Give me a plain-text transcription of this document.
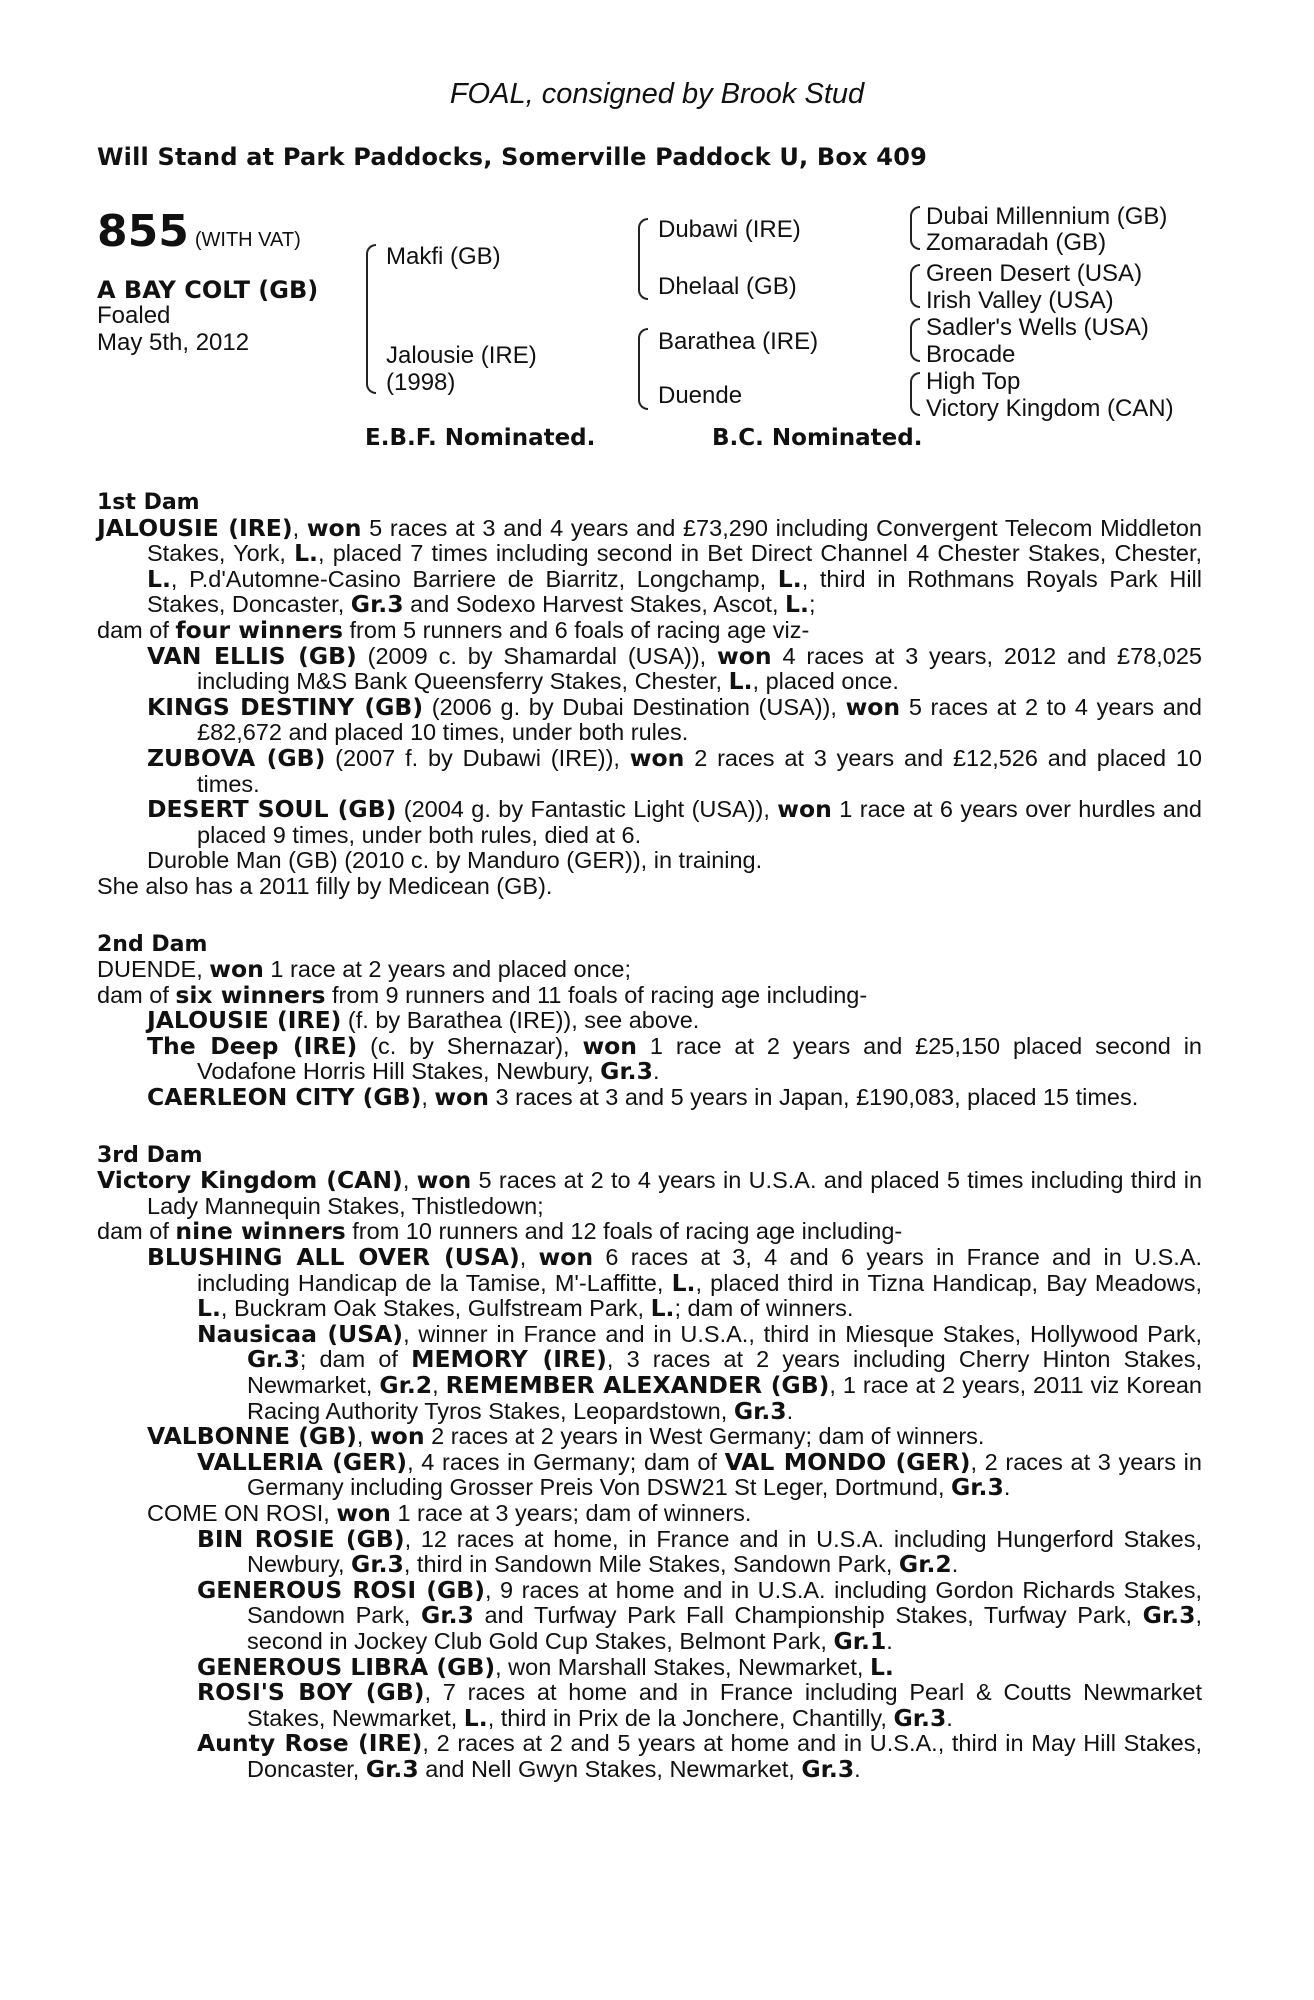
FOAL, consigned by Brook Stud
Will Stand at Park Paddocks, Somerville Paddock U, Box 409
855 (WITH VAT)
A BAY COLT (GB)
Foaled
May 5th, 2012
Makfi (GB)
Jalousie (IRE)
(1998)
Dubawi (IRE)
Dhelaal (GB)
Barathea (IRE)
Duende
Dubai Millennium (GB)
Zomaradah (GB)
Green Desert (USA)
Irish Valley (USA)
Sadler's Wells (USA)
Brocade
High Top
Victory Kingdom (CAN)
E.B.F. Nominated.	B.C. Nominated.
1st Dam
JALOUSIE (IRE), won 5 races at 3 and 4 years and £73,290 including Convergent Telecom Middleton Stakes, York, L., placed 7 times including second in Bet Direct Channel 4 Chester Stakes, Chester, L., P.d'Automne-Casino Barriere de Biarritz, Longchamp, L., third in Rothmans Royals Park Hill Stakes, Doncaster, Gr.3 and Sodexo Harvest Stakes, Ascot, L.;
dam of four winners from 5 runners and 6 foals of racing age viz-
VAN ELLIS (GB) (2009 c. by Shamardal (USA)), won 4 races at 3 years, 2012 and £78,025 including M&S Bank Queensferry Stakes, Chester, L., placed once.
KINGS DESTINY (GB) (2006 g. by Dubai Destination (USA)), won 5 races at 2 to 4 years and £82,672 and placed 10 times, under both rules.
ZUBOVA (GB) (2007 f. by Dubawi (IRE)), won 2 races at 3 years and £12,526 and placed 10 times.
DESERT SOUL (GB) (2004 g. by Fantastic Light (USA)), won 1 race at 6 years over hurdles and placed 9 times, under both rules, died at 6.
Duroble Man (GB) (2010 c. by Manduro (GER)), in training.
She also has a 2011 filly by Medicean (GB).
2nd Dam
DUENDE, won 1 race at 2 years and placed once;
dam of six winners from 9 runners and 11 foals of racing age including-
JALOUSIE (IRE) (f. by Barathea (IRE)), see above.
The Deep (IRE) (c. by Shernazar), won 1 race at 2 years and £25,150 placed second in Vodafone Horris Hill Stakes, Newbury, Gr.3.
CAERLEON CITY (GB), won 3 races at 3 and 5 years in Japan, £190,083, placed 15 times.
3rd Dam
Victory Kingdom (CAN), won 5 races at 2 to 4 years in U.S.A. and placed 5 times including third in Lady Mannequin Stakes, Thistledown;
dam of nine winners from 10 runners and 12 foals of racing age including-
BLUSHING ALL OVER (USA), won 6 races at 3, 4 and 6 years in France and in U.S.A. including Handicap de la Tamise, M'-Laffitte, L., placed third in Tizna Handicap, Bay Meadows, L., Buckram Oak Stakes, Gulfstream Park, L.; dam of winners.
Nausicaa (USA), winner in France and in U.S.A., third in Miesque Stakes, Hollywood Park, Gr.3; dam of MEMORY (IRE), 3 races at 2 years including Cherry Hinton Stakes, Newmarket, Gr.2, REMEMBER ALEXANDER (GB), 1 race at 2 years, 2011 viz Korean Racing Authority Tyros Stakes, Leopardstown, Gr.3.
VALBONNE (GB), won 2 races at 2 years in West Germany; dam of winners.
VALLERIA (GER), 4 races in Germany; dam of VAL MONDO (GER), 2 races at 3 years in Germany including Grosser Preis Von DSW21 St Leger, Dortmund, Gr.3.
COME ON ROSI, won 1 race at 3 years; dam of winners.
BIN ROSIE (GB), 12 races at home, in France and in U.S.A. including Hungerford Stakes, Newbury, Gr.3, third in Sandown Mile Stakes, Sandown Park, Gr.2.
GENEROUS ROSI (GB), 9 races at home and in U.S.A. including Gordon Richards Stakes, Sandown Park, Gr.3 and Turfway Park Fall Championship Stakes, Turfway Park, Gr.3, second in Jockey Club Gold Cup Stakes, Belmont Park, Gr.1.
GENEROUS LIBRA (GB), won Marshall Stakes, Newmarket, L.
ROSI'S BOY (GB), 7 races at home and in France including Pearl & Coutts Newmarket Stakes, Newmarket, L., third in Prix de la Jonchere, Chantilly, Gr.3.
Aunty Rose (IRE), 2 races at 2 and 5 years at home and in U.S.A., third in May Hill Stakes, Doncaster, Gr.3 and Nell Gwyn Stakes, Newmarket, Gr.3.
